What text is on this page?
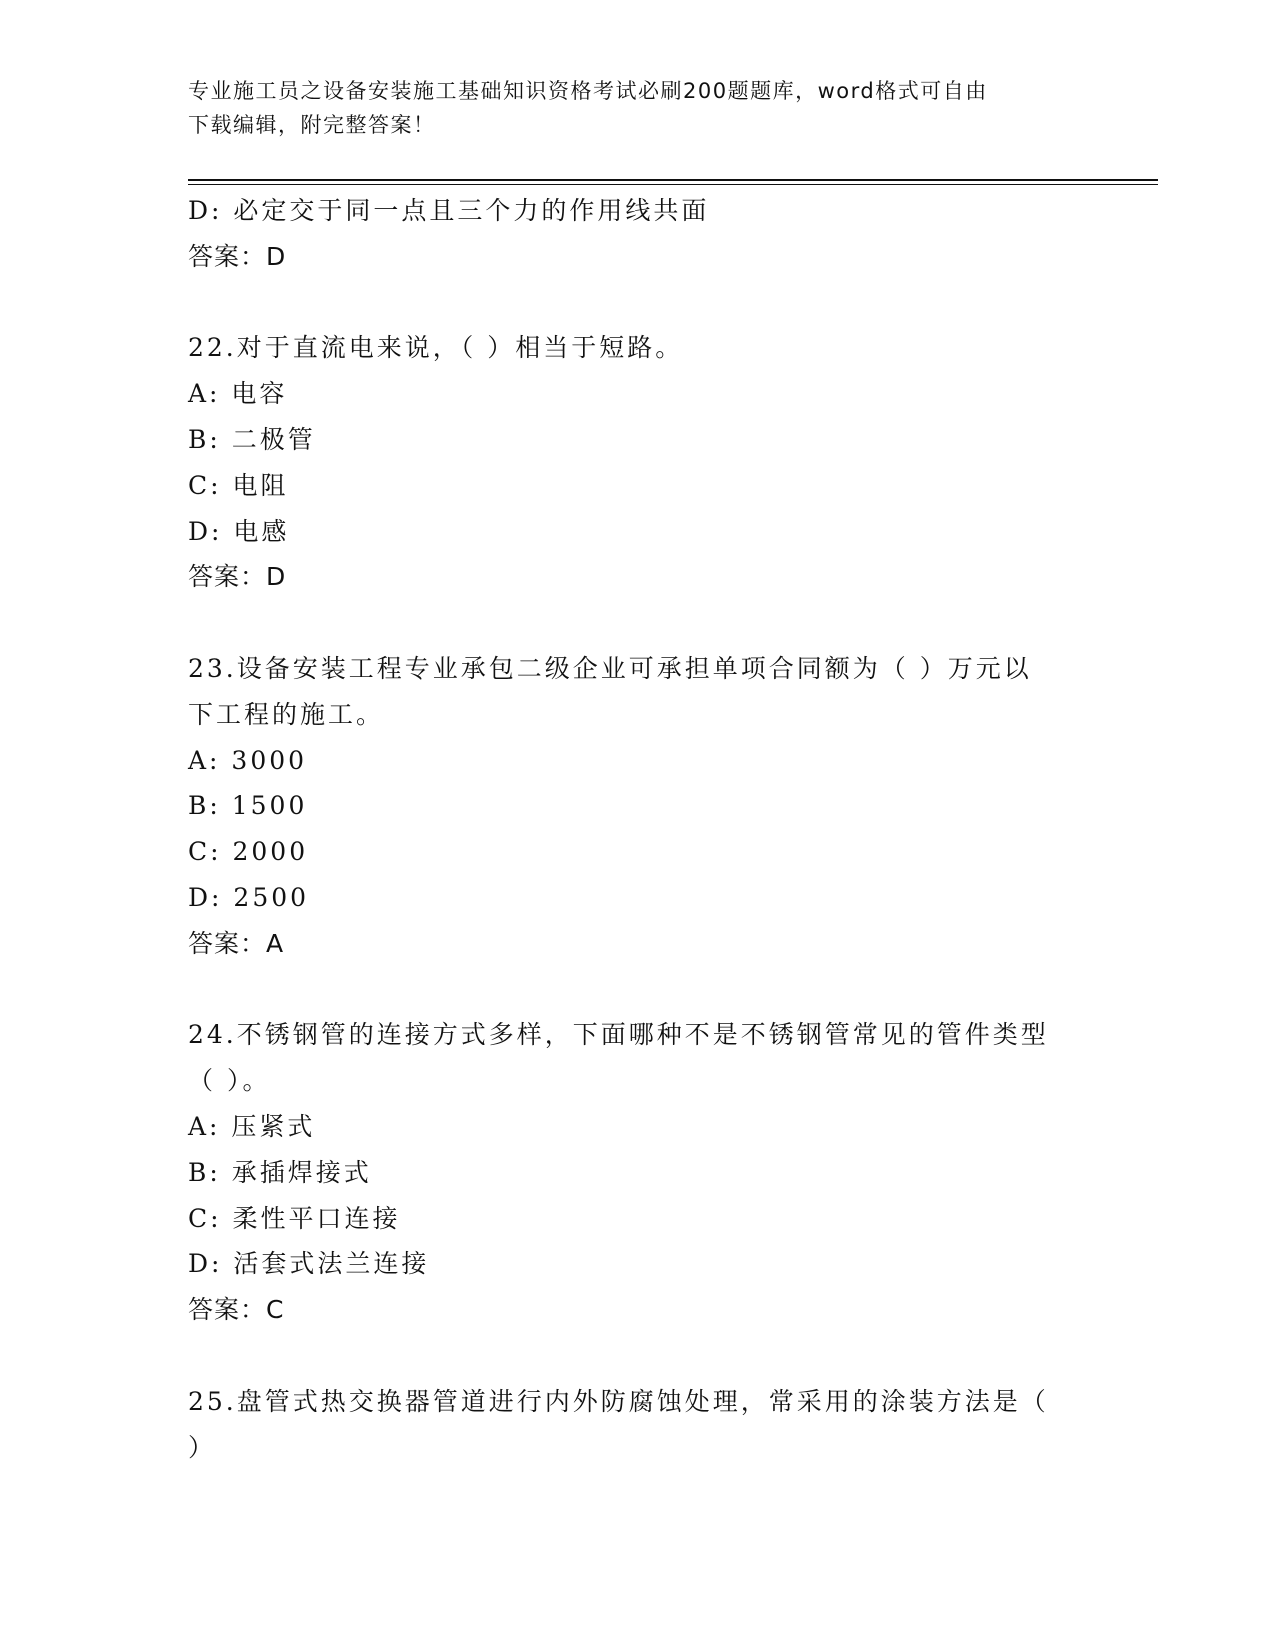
专业施工员之设备安装施工基础知识资格考试必刷200题题库，word格式可自由
下载编辑，附完整答案！
D: 必定交于同一点且三个力的作用线共面
答案：D
22.对于直流电来说，（ ）相当于短路。
A: 电容
B: 二极管
C: 电阻
D: 电感
答案：D
23.设备安装工程专业承包二级企业可承担单项合同额为（ ）万元以
下工程的施工。
A: 3000
B: 1500
C: 2000
D: 2500
答案：A
24.不锈钢管的连接方式多样，下面哪种不是不锈钢管常见的管件类型
（ ）。
A: 压紧式
B: 承插焊接式
C: 柔性平口连接
D: 活套式法兰连接
答案：C
25.盘管式热交换器管道进行内外防腐蚀处理，常采用的涂装方法是（
）
